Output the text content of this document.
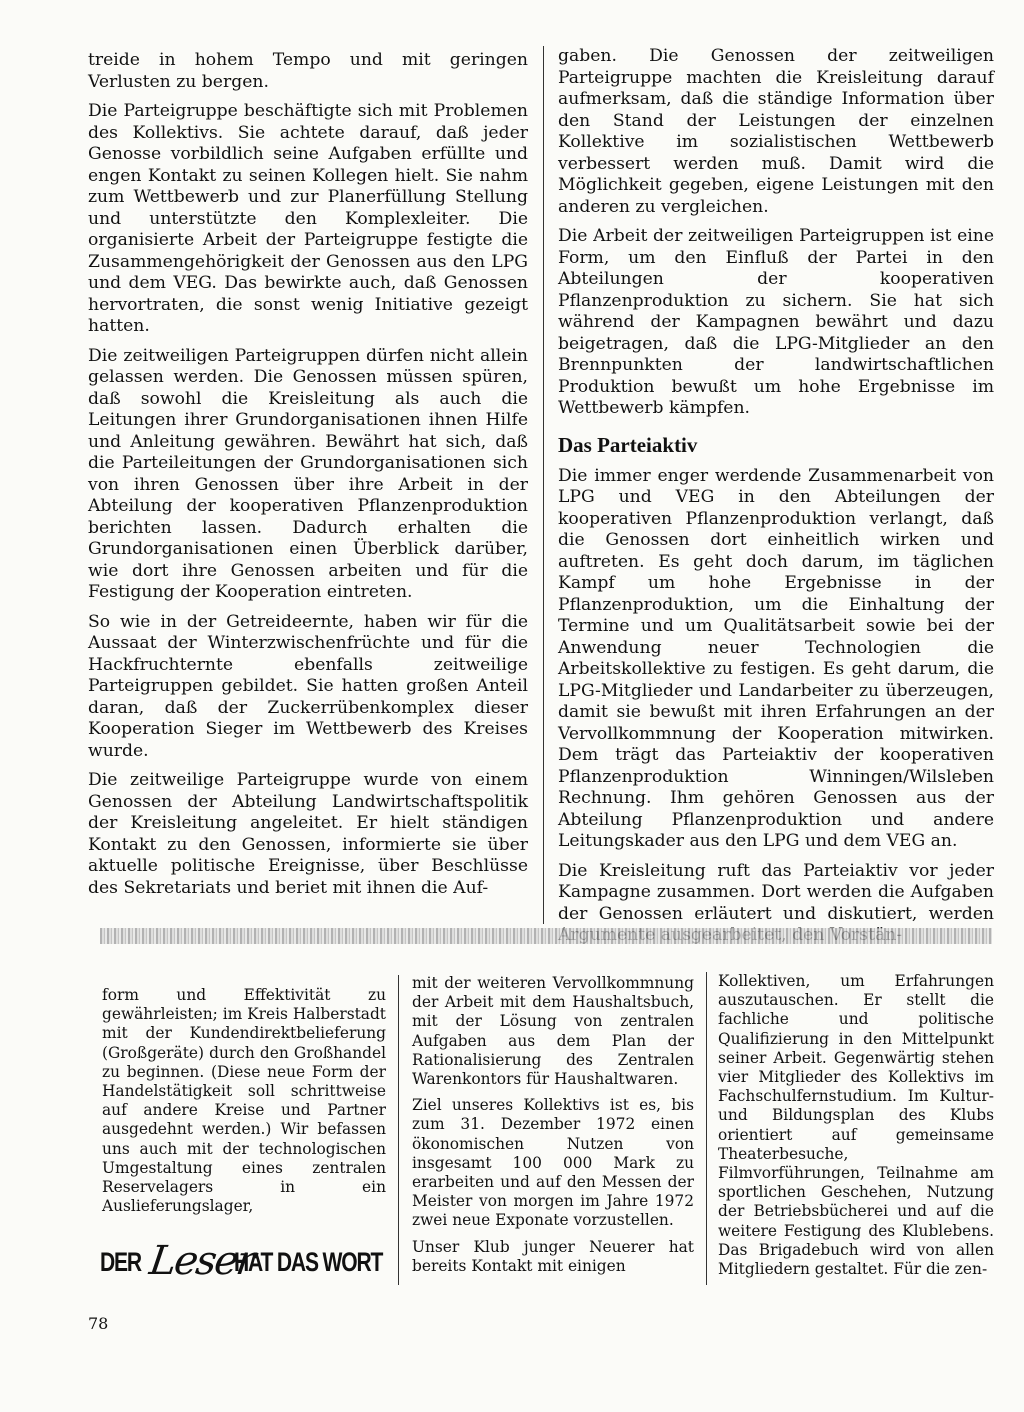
treide in hohem Tempo und mit geringen Verlusten zu bergen.

Die Parteigruppe beschäftigte sich mit Problemen des Kollektivs. Sie achtete darauf, daß jeder Genosse vorbildlich seine Aufgaben erfüllte und engen Kontakt zu seinen Kollegen hielt. Sie nahm zum Wettbewerb und zur Planerfüllung Stellung und unterstützte den Komplexleiter. Die organisierte Arbeit der Parteigruppe festigte die Zusammengehörigkeit der Genossen aus den LPG und dem VEG. Das bewirkte auch, daß Genossen hervortraten, die sonst wenig Initiative gezeigt hatten.

Die zeitweiligen Parteigruppen dürfen nicht allein gelassen werden. Die Genossen müssen spüren, daß sowohl die Kreisleitung als auch die Leitungen ihrer Grundorganisationen ihnen Hilfe und Anleitung gewähren. Bewährt hat sich, daß die Parteileitungen der Grundorganisationen sich von ihren Genossen über ihre Arbeit in der Abteilung der kooperativen Pflanzenproduktion berichten lassen. Dadurch erhalten die Grundorganisationen einen Überblick darüber, wie dort ihre Genossen arbeiten und für die Festigung der Kooperation eintreten.

So wie in der Getreideernte, haben wir für die Aussaat der Winterzwischenfrüchte und für die Hackfruchternte ebenfalls zeitweilige Parteigruppen gebildet. Sie hatten großen Anteil daran, daß der Zuckerrübenkomplex dieser Kooperation Sieger im Wettbewerb des Kreises wurde.

Die zeitweilige Parteigruppe wurde von einem Genossen der Abteilung Landwirtschaftspolitik der Kreisleitung angeleitet. Er hielt ständigen Kontakt zu den Genossen, informierte sie über aktuelle politische Ereignisse, über Beschlüsse des Sekretariats und beriet mit ihnen die Auf-

gaben. Die Genossen der zeitweiligen Parteigruppe machten die Kreisleitung darauf aufmerksam, daß die ständige Information über den Stand der Leistungen der einzelnen Kollektive im sozialistischen Wettbewerb verbessert werden muß. Damit wird die Möglichkeit gegeben, eigene Leistungen mit den anderen zu vergleichen.

Die Arbeit der zeitweiligen Parteigruppen ist eine Form, um den Einfluß der Partei in den Abteilungen der kooperativen Pflanzenproduktion zu sichern. Sie hat sich während der Kampagnen bewährt und dazu beigetragen, daß die LPG-Mitglieder an den Brennpunkten der landwirtschaftlichen Produktion bewußt um hohe Ergebnisse im Wettbewerb kämpfen.

Das Parteiaktiv

Die immer enger werdende Zusammenarbeit von LPG und VEG in den Abteilungen der kooperativen Pflanzenproduktion verlangt, daß die Genossen dort einheitlich wirken und auftreten. Es geht doch darum, im täglichen Kampf um hohe Ergebnisse in der Pflanzenproduktion, um die Einhaltung der Termine und um Qualitätsarbeit sowie bei der Anwendung neuer Technologien die Arbeitskollektive zu festigen. Es geht darum, die LPG-Mitglieder und Landarbeiter zu überzeugen, damit sie bewußt mit ihren Erfahrungen an der Vervollkommnung der Kooperation mitwirken. Dem trägt das Parteiaktiv der kooperativen Pflanzenproduktion Winningen/Wilsleben Rechnung. Ihm gehören Genossen aus der Abteilung Pflanzenproduktion und andere Leitungskader aus den LPG und dem VEG an.

Die Kreisleitung ruft das Parteiaktiv vor jeder Kampagne zusammen. Dort werden die Aufgaben der Genossen erläutert und diskutiert, werden

form und Effektivität zu gewährleisten; im Kreis Halberstadt mit der Kundendirektbelieferung (Großgeräte) durch den Großhandel zu beginnen. (Diese neue Form der Handelstätigkeit soll schrittweise auf andere Kreise und Partner ausgedehnt werden.) Wir befassen uns auch mit der technologischen Umgestaltung eines zentralen Reservelagers in ein Auslieferungslager,

mit der weiteren Vervollkommnung der Arbeit mit dem Haushaltsbuch, mit der Lösung von zentralen Aufgaben aus dem Plan der Rationalisierung des Zentralen Warenkontors für Haushaltwaren.

Ziel unseres Kollektivs ist es, bis zum 31. Dezember 1972 einen ökonomischen Nutzen von insgesamt 100 000 Mark zu erarbeiten und auf den Messen der Meister von morgen im Jahre 1972 zwei neue Exponate vorzustellen.

Unser Klub junger Neuerer hat bereits Kontakt mit einigen

Kollektiven, um Erfahrungen auszutauschen. Er stellt die fachliche und politische Qualifizierung in den Mittelpunkt seiner Arbeit. Gegenwärtig stehen vier Mitglieder des Kollektivs im Fachschulfernstudium. Im Kultur- und Bildungsplan des Klubs orientiert auf gemeinsame Theaterbesuche, Filmvorführungen, Teilnahme am sportlichen Geschehen, Nutzung der Betriebsbücherei und auf die weitere Festigung des Klublebens. Das Brigadebuch wird von allen Mitgliedern gestaltet. Für die zen-

DER Leser
HAT DAS WORT
78
